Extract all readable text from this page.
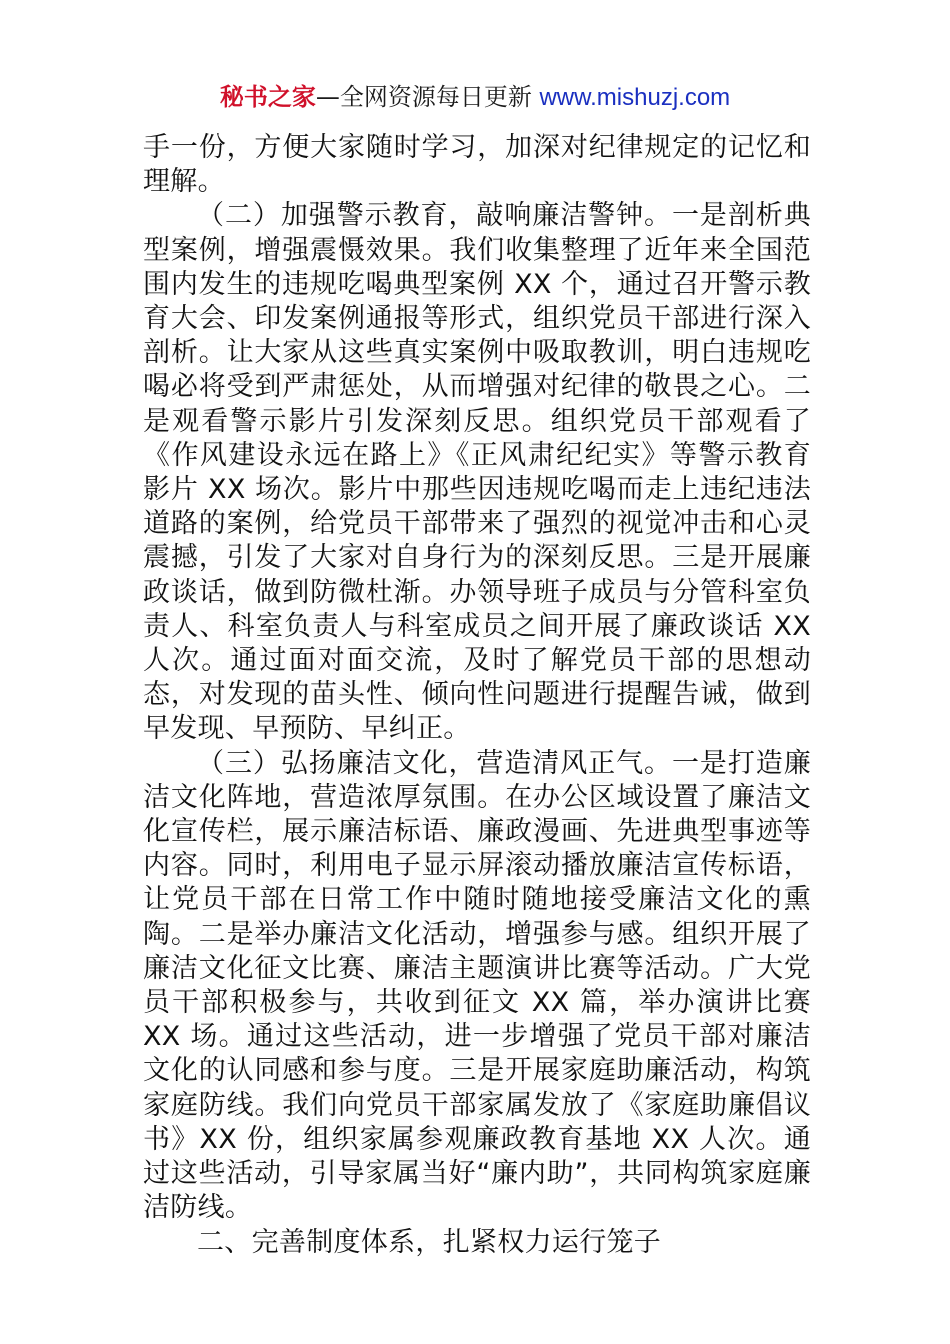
秘书之家—全网资源每日更新 www.mishuzj.com

手一份，方便大家随时学习，加深对纪律规定的记忆和理解。

（二）加强警示教育，敲响廉洁警钟。一是剖析典型案例，增强震慑效果。我们收集整理了近年来全国范围内发生的违规吃喝典型案例 XX 个，通过召开警示教育大会、印发案例通报等形式，组织党员干部进行深入剖析。让大家从这些真实案例中吸取教训，明白违规吃喝必将受到严肃惩处，从而增强对纪律的敬畏之心。二是观看警示影片引发深刻反思。组织党员干部观看了《作风建设永远在路上》《正风肃纪纪实》等警示教育影片 XX 场次。影片中那些因违规吃喝而走上违纪违法道路的案例，给党员干部带来了强烈的视觉冲击和心灵震撼，引发了大家对自身行为的深刻反思。三是开展廉政谈话，做到防微杜渐。办领导班子成员与分管科室负责人、科室负责人与科室成员之间开展了廉政谈话 XX 人次。通过面对面交流，及时了解党员干部的思想动态，对发现的苗头性、倾向性问题进行提醒告诫，做到早发现、早预防、早纠正。

（三）弘扬廉洁文化，营造清风正气。一是打造廉洁文化阵地，营造浓厚氛围。在办公区域设置了廉洁文化宣传栏，展示廉洁标语、廉政漫画、先进典型事迹等内容。同时，利用电子显示屏滚动播放廉洁宣传标语，让党员干部在日常工作中随时随地接受廉洁文化的熏陶。二是举办廉洁文化活动，增强参与感。组织开展了廉洁文化征文比赛、廉洁主题演讲比赛等活动。广大党员干部积极参与，共收到征文 XX 篇，举办演讲比赛 XX 场。通过这些活动，进一步增强了党员干部对廉洁文化的认同感和参与度。三是开展家庭助廉活动，构筑家庭防线。我们向党员干部家属发放了《家庭助廉倡议书》XX 份，组织家属参观廉政教育基地 XX 人次。通过这些活动，引导家属当好“廉内助”，共同构筑家庭廉洁防线。

二、完善制度体系，扎紧权力运行笼子
